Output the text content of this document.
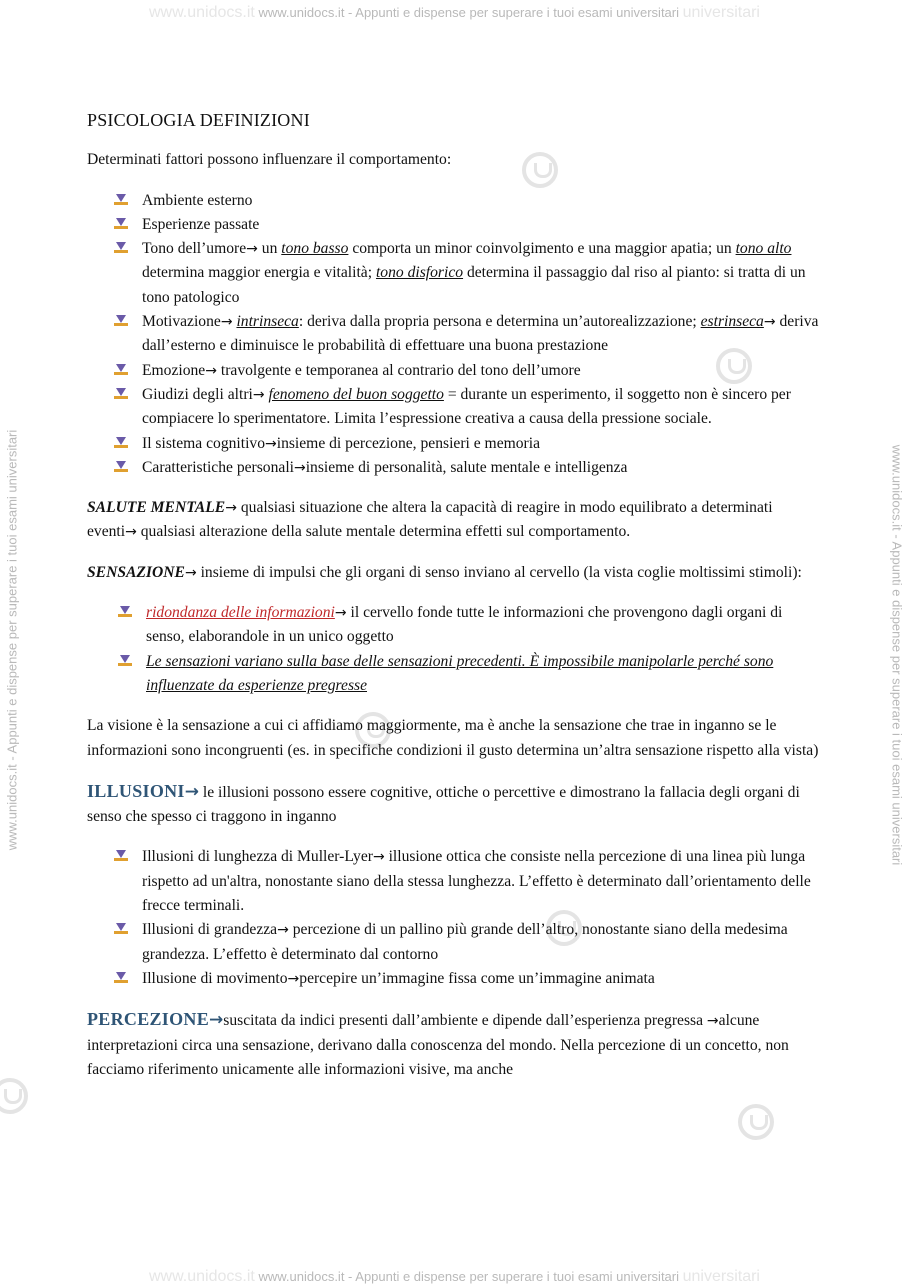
www.unidocs.it www.unidocs.it - Appunti e dispense per superare i tuoi esami universitari universitari
www.unidocs.it www.unidocs.it - Appunti e dispense per superare i tuoi esami universitari universitari
www.unidocs.it - Appunti e dispense per superare i tuoi esami universitari	www.unidocs.it - Appunti e dispense per superare i tuoi esami universitari
PSICOLOGIA DEFINIZIONI

Determinati fattori possono influenzare il comportamento:

Ambiente esterno
Esperienze passate
Tono dell’umore→ un tono basso comporta un minor coinvolgimento e una maggior apatia; un tono alto determina maggior energia e vitalità; tono disforico determina il passaggio dal riso al pianto: si tratta di un tono patologico
Motivazione→ intrinseca: deriva dalla propria persona e determina un’autorealizzazione; estrinseca→ deriva dall’esterno e diminuisce le probabilità di effettuare una buona prestazione
Emozione→ travolgente e temporanea al contrario del tono dell’umore
Giudizi degli altri→ fenomeno del buon soggetto = durante un esperimento, il soggetto non è sincero per compiacere lo sperimentatore. Limita l’espressione creativa a causa della pressione sociale.
Il sistema cognitivo→insieme di percezione, pensieri e memoria
Caratteristiche personali→insieme di personalità, salute mentale e intelligenza

SALUTE MENTALE→ qualsiasi situazione che altera la capacità di reagire in modo equilibrato a determinati eventi→ qualsiasi alterazione della salute mentale determina effetti sul comportamento.

SENSAZIONE→ insieme di impulsi che gli organi di senso inviano al cervello (la vista coglie moltissimi stimoli):

ridondanza delle informazioni→ il cervello fonde tutte le informazioni che provengono dagli organi di senso, elaborandole in un unico oggetto
Le sensazioni variano sulla base delle sensazioni precedenti. È impossibile manipolarle perché sono influenzate da esperienze pregresse

La visione è la sensazione a cui ci affidiamo maggiormente, ma è anche la sensazione che trae in inganno se le informazioni sono incongruenti (es. in specifiche condizioni il gusto determina un’altra sensazione rispetto alla vista)

ILLUSIONI→ le illusioni possono essere cognitive, ottiche o percettive e dimostrano la fallacia degli organi di senso che spesso ci traggono in inganno

Illusioni di lunghezza di Muller-Lyer→ illusione ottica che consiste nella percezione di una linea più lunga rispetto ad un'altra, nonostante siano della stessa lunghezza. L’effetto è determinato dall’orientamento delle frecce terminali.
Illusioni di grandezza→ percezione di un pallino più grande dell’altro, nonostante siano della medesima grandezza. L’effetto è determinato dal contorno
Illusione di movimento→percepire un’immagine fissa come un’immagine animata

PERCEZIONE→suscitata da indici presenti dall’ambiente e dipende dall’esperienza pregressa →alcune interpretazioni circa una sensazione, derivano dalla conoscenza del mondo. Nella percezione di un concetto, non facciamo riferimento unicamente alle informazioni visive, ma anche
